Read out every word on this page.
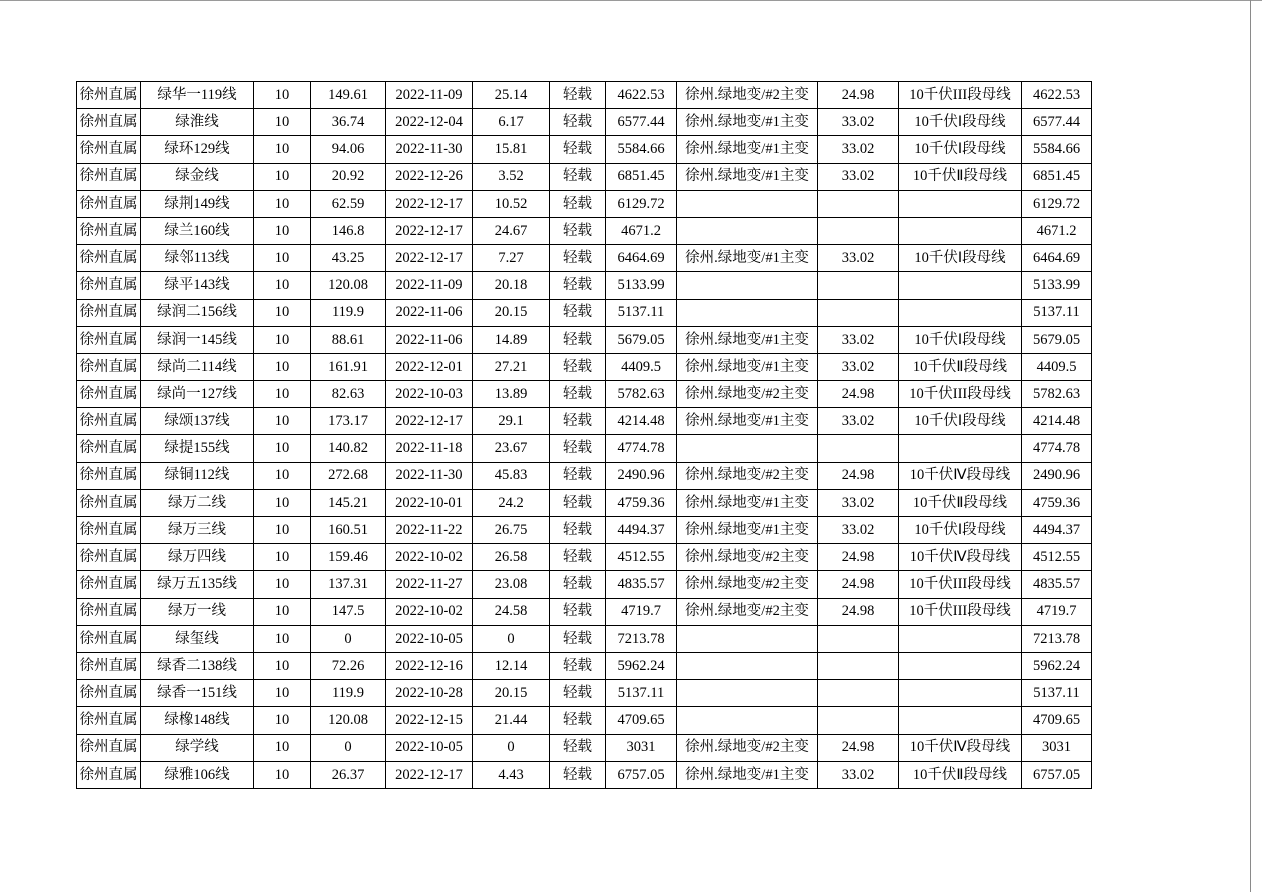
徐州直属	绿华一119线	10	149.61	2022-11-09	25.14	轻载	4622.53	徐州.绿地变/#2主变	24.98	10千伏III段母线	4622.53
徐州直属	绿淮线	10	36.74	2022-12-04	6.17	轻载	6577.44	徐州.绿地变/#1主变	33.02	10千伏Ⅰ段母线	6577.44
徐州直属	绿环129线	10	94.06	2022-11-30	15.81	轻载	5584.66	徐州.绿地变/#1主变	33.02	10千伏Ⅰ段母线	5584.66
徐州直属	绿金线	10	20.92	2022-12-26	3.52	轻载	6851.45	徐州.绿地变/#1主变	33.02	10千伏Ⅱ段母线	6851.45
徐州直属	绿荆149线	10	62.59	2022-12-17	10.52	轻载	6129.72				6129.72
徐州直属	绿兰160线	10	146.8	2022-12-17	24.67	轻载	4671.2				4671.2
徐州直属	绿邻113线	10	43.25	2022-12-17	7.27	轻载	6464.69	徐州.绿地变/#1主变	33.02	10千伏Ⅰ段母线	6464.69
徐州直属	绿平143线	10	120.08	2022-11-09	20.18	轻载	5133.99				5133.99
徐州直属	绿润二156线	10	119.9	2022-11-06	20.15	轻载	5137.11				5137.11
徐州直属	绿润一145线	10	88.61	2022-11-06	14.89	轻载	5679.05	徐州.绿地变/#1主变	33.02	10千伏Ⅰ段母线	5679.05
徐州直属	绿尚二114线	10	161.91	2022-12-01	27.21	轻载	4409.5	徐州.绿地变/#1主变	33.02	10千伏Ⅱ段母线	4409.5
徐州直属	绿尚一127线	10	82.63	2022-10-03	13.89	轻载	5782.63	徐州.绿地变/#2主变	24.98	10千伏III段母线	5782.63
徐州直属	绿颂137线	10	173.17	2022-12-17	29.1	轻载	4214.48	徐州.绿地变/#1主变	33.02	10千伏Ⅰ段母线	4214.48
徐州直属	绿提155线	10	140.82	2022-11-18	23.67	轻载	4774.78				4774.78
徐州直属	绿铜112线	10	272.68	2022-11-30	45.83	轻载	2490.96	徐州.绿地变/#2主变	24.98	10千伏Ⅳ段母线	2490.96
徐州直属	绿万二线	10	145.21	2022-10-01	24.2	轻载	4759.36	徐州.绿地变/#1主变	33.02	10千伏Ⅱ段母线	4759.36
徐州直属	绿万三线	10	160.51	2022-11-22	26.75	轻载	4494.37	徐州.绿地变/#1主变	33.02	10千伏Ⅰ段母线	4494.37
徐州直属	绿万四线	10	159.46	2022-10-02	26.58	轻载	4512.55	徐州.绿地变/#2主变	24.98	10千伏Ⅳ段母线	4512.55
徐州直属	绿万五135线	10	137.31	2022-11-27	23.08	轻载	4835.57	徐州.绿地变/#2主变	24.98	10千伏III段母线	4835.57
徐州直属	绿万一线	10	147.5	2022-10-02	24.58	轻载	4719.7	徐州.绿地变/#2主变	24.98	10千伏III段母线	4719.7
徐州直属	绿玺线	10	0	2022-10-05	0	轻载	7213.78				7213.78
徐州直属	绿香二138线	10	72.26	2022-12-16	12.14	轻载	5962.24				5962.24
徐州直属	绿香一151线	10	119.9	2022-10-28	20.15	轻载	5137.11				5137.11
徐州直属	绿橡148线	10	120.08	2022-12-15	21.44	轻载	4709.65				4709.65
徐州直属	绿学线	10	0	2022-10-05	0	轻载	3031	徐州.绿地变/#2主变	24.98	10千伏Ⅳ段母线	3031
徐州直属	绿雅106线	10	26.37	2022-12-17	4.43	轻载	6757.05	徐州.绿地变/#1主变	33.02	10千伏Ⅱ段母线	6757.05
